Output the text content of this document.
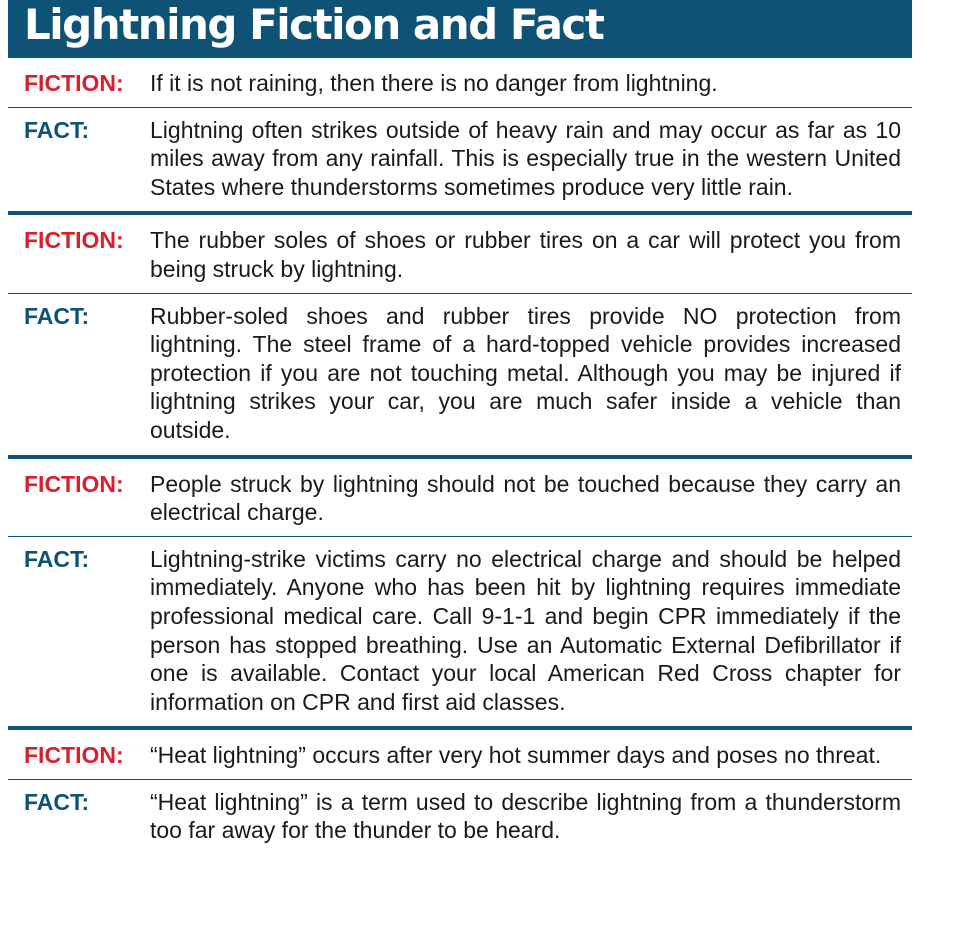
Lightning Fiction and Fact
FICTION:	If it is not raining, then there is no danger from lightning.
FACT:	Lightning often strikes outside of heavy rain and may occur as far as 10 miles away from any rainfall. This is especially true in the western United States where thunderstorms sometimes produce very little rain.
FICTION:	The rubber soles of shoes or rubber tires on a car will protect you from being struck by lightning.
FACT:	Rubber-soled shoes and rubber tires provide NO protection from lightning. The steel frame of a hard-topped vehicle provides increased protection if you are not touching metal. Although you may be injured if lightning strikes your car, you are much safer inside a vehicle than outside.
FICTION:	People struck by lightning should not be touched because they carry an electrical charge.
FACT:	Lightning-strike victims carry no electrical charge and should be helped immediately. Anyone who has been hit by lightning requires immediate professional medical care. Call 9-1-1 and begin CPR immediately if the person has stopped breathing. Use an Automatic External Defibrillator if one is available. Contact your local American Red Cross chapter for information on CPR and first aid classes.
FICTION:	“Heat lightning” occurs after very hot summer days and poses no threat.
FACT:	“Heat lightning” is a term used to describe lightning from a thunderstorm too far away for the thunder to be heard.
